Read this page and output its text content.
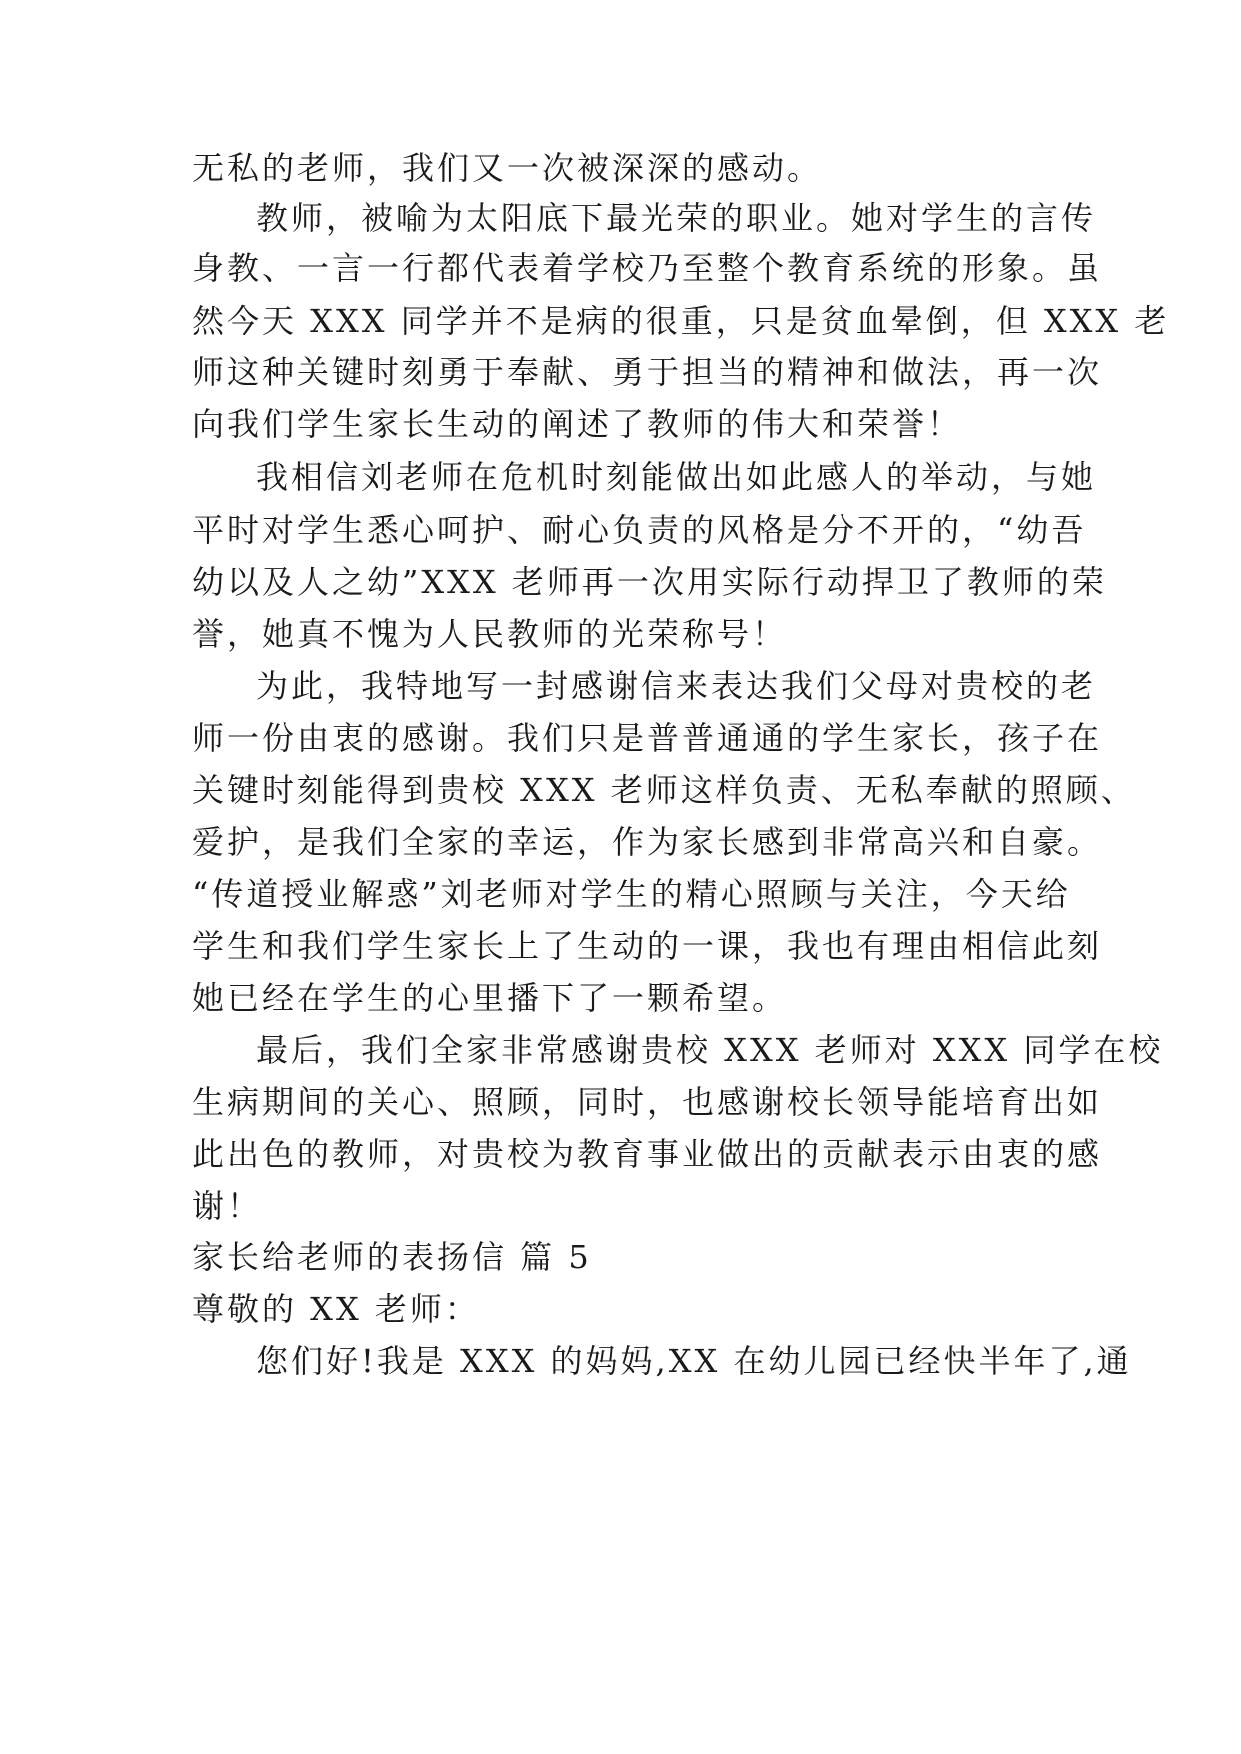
无私的老师，我们又一次被深深的感动。
教师，被喻为太阳底下最光荣的职业。她对学生的言传
身教、一言一行都代表着学校乃至整个教育系统的形象。虽
然今天 XXX 同学并不是病的很重，只是贫血晕倒，但 XXX 老
师这种关键时刻勇于奉献、勇于担当的精神和做法，再一次
向我们学生家长生动的阐述了教师的伟大和荣誉！
我相信刘老师在危机时刻能做出如此感人的举动，与她
平时对学生悉心呵护、耐心负责的风格是分不开的，“幼吾
幼以及人之幼”XXX 老师再一次用实际行动捍卫了教师的荣
誉，她真不愧为人民教师的光荣称号！
为此，我特地写一封感谢信来表达我们父母对贵校的老
师一份由衷的感谢。我们只是普普通通的学生家长，孩子在
关键时刻能得到贵校 XXX 老师这样负责、无私奉献的照顾、
爱护，是我们全家的幸运，作为家长感到非常高兴和自豪。
“传道授业解惑”刘老师对学生的精心照顾与关注，今天给
学生和我们学生家长上了生动的一课，我也有理由相信此刻
她已经在学生的心里播下了一颗希望。
最后，我们全家非常感谢贵校 XXX 老师对 XXX 同学在校
生病期间的关心、照顾，同时，也感谢校长领导能培育出如
此出色的教师，对贵校为教育事业做出的贡献表示由衷的感
谢！
家长给老师的表扬信 篇 5
尊敬的 XX 老师：
您们好!我是 XXX 的妈妈,XX 在幼儿园已经快半年了,通
